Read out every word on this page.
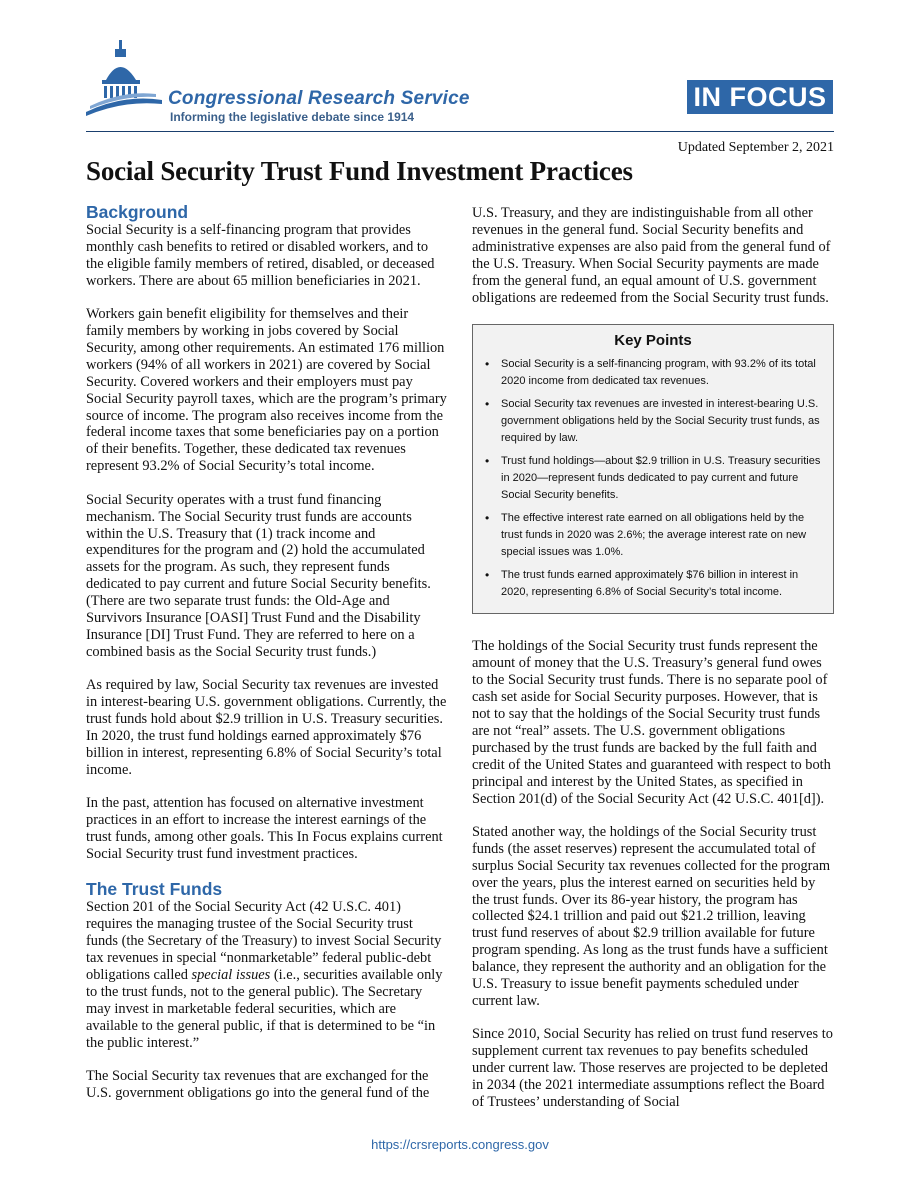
Congressional Research Service
Informing the legislative debate since 1914
IN FOCUS
Updated September 2, 2021
Social Security Trust Fund Investment Practices
Background

Social Security is a self-financing program that provides monthly cash benefits to retired or disabled workers, and to the eligible family members of retired, disabled, or deceased workers. There are about 65 million beneficiaries in 2021.

Workers gain benefit eligibility for themselves and their family members by working in jobs covered by Social Security, among other requirements. An estimated 176 million workers (94% of all workers in 2021) are covered by Social Security. Covered workers and their employers must pay Social Security payroll taxes, which are the program’s primary source of income. The program also receives income from the federal income taxes that some beneficiaries pay on a portion of their benefits. Together, these dedicated tax revenues represent 93.2% of Social Security’s total income.

Social Security operates with a trust fund financing mechanism. The Social Security trust funds are accounts within the U.S. Treasury that (1) track income and expenditures for the program and (2) hold the accumulated assets for the program. As such, they represent funds dedicated to pay current and future Social Security benefits. (There are two separate trust funds: the Old-Age and Survivors Insurance [OASI] Trust Fund and the Disability Insurance [DI] Trust Fund. They are referred to here on a combined basis as the Social Security trust funds.)

As required by law, Social Security tax revenues are invested in interest-bearing U.S. government obligations. Currently, the trust funds hold about $2.9 trillion in U.S. Treasury securities. In 2020, the trust fund holdings earned approximately $76 billion in interest, representing 6.8% of Social Security’s total income.

In the past, attention has focused on alternative investment practices in an effort to increase the interest earnings of the trust funds, among other goals. This In Focus explains current Social Security trust fund investment practices.

The Trust Funds

Section 201 of the Social Security Act (42 U.S.C. 401) requires the managing trustee of the Social Security trust funds (the Secretary of the Treasury) to invest Social Security tax revenues in special “nonmarketable” federal public-debt obligations called special issues (i.e., securities available only to the trust funds, not to the general public). The Secretary may invest in marketable federal securities, which are available to the general public, if that is determined to be “in the public interest.”

The Social Security tax revenues that are exchanged for the U.S. government obligations go into the general fund of the

U.S. Treasury, and they are indistinguishable from all other revenues in the general fund. Social Security benefits and administrative expenses are also paid from the general fund of the U.S. Treasury. When Social Security payments are made from the general fund, an equal amount of U.S. government obligations are redeemed from the Social Security trust funds.

Key Points
• Social Security is a self-financing program, with 93.2% of its total 2020 income from dedicated tax revenues.
• Social Security tax revenues are invested in interest-bearing U.S. government obligations held by the Social Security trust funds, as required by law.
• Trust fund holdings—about $2.9 trillion in U.S. Treasury securities in 2020—represent funds dedicated to pay current and future Social Security benefits.
• The effective interest rate earned on all obligations held by the trust funds in 2020 was 2.6%; the average interest rate on new special issues was 1.0%.
• The trust funds earned approximately $76 billion in interest in 2020, representing 6.8% of Social Security’s total income.

The holdings of the Social Security trust funds represent the amount of money that the U.S. Treasury’s general fund owes to the Social Security trust funds. There is no separate pool of cash set aside for Social Security purposes. However, that is not to say that the holdings of the Social Security trust funds are not “real” assets. The U.S. government obligations purchased by the trust funds are backed by the full faith and credit of the United States and guaranteed with respect to both principal and interest by the United States, as specified in Section 201(d) of the Social Security Act (42 U.S.C. 401[d]).

Stated another way, the holdings of the Social Security trust funds (the asset reserves) represent the accumulated total of surplus Social Security tax revenues collected for the program over the years, plus the interest earned on securities held by the trust funds. Over its 86-year history, the program has collected $24.1 trillion and paid out $21.2 trillion, leaving trust fund reserves of about $2.9 trillion available for future program spending. As long as the trust funds have a sufficient balance, they represent the authority and an obligation for the U.S. Treasury to issue benefit payments scheduled under current law.

Since 2010, Social Security has relied on trust fund reserves to supplement current tax revenues to pay benefits scheduled under current law. Those reserves are projected to be depleted in 2034 (the 2021 intermediate assumptions reflect the Board of Trustees’ understanding of Social

https://crsreports.congress.gov
